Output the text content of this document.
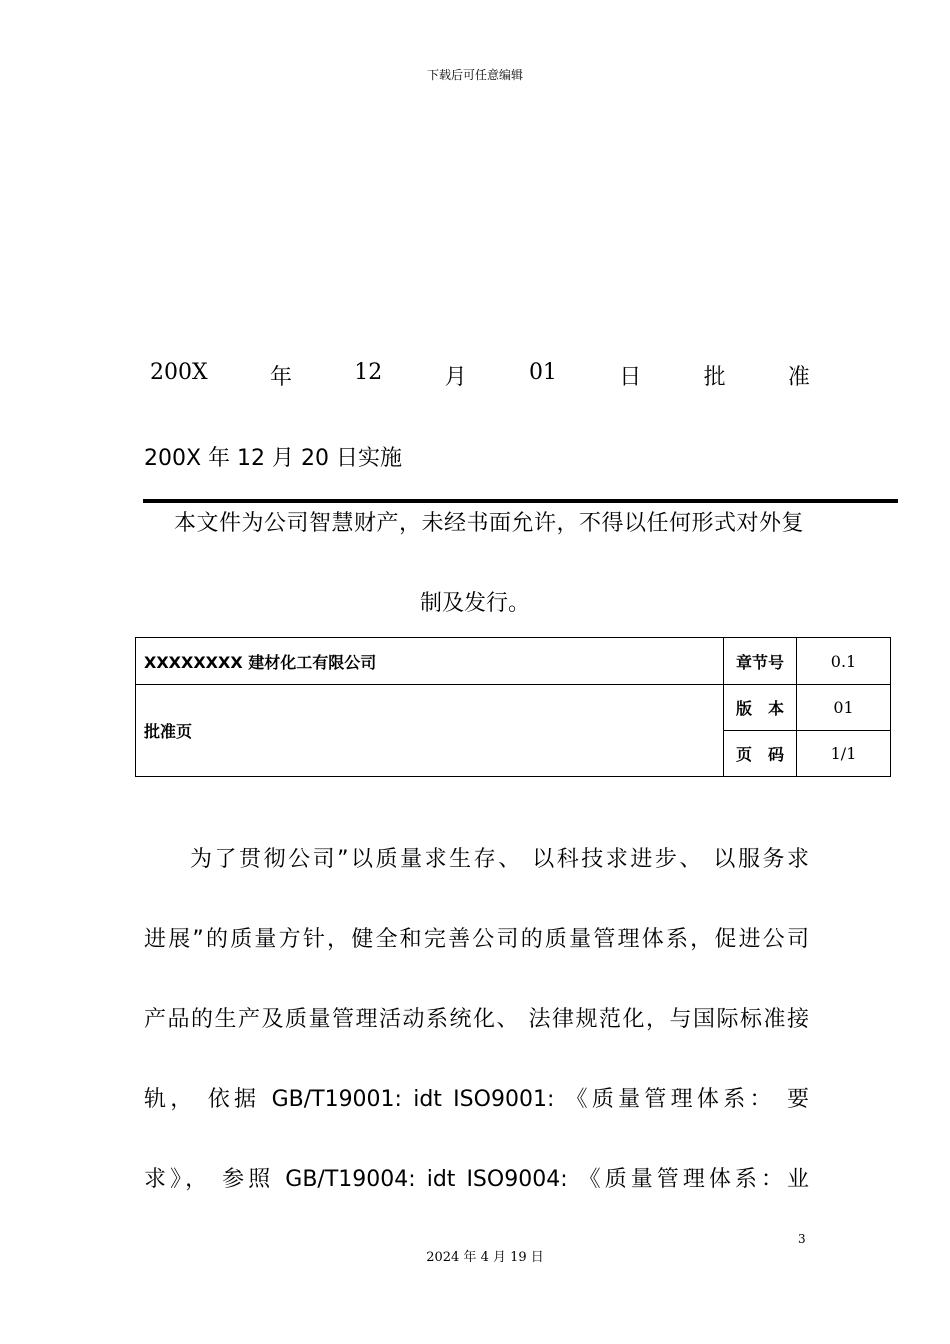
下载后可任意编辑
200X	年	12	月	01	日	批	准
200X 年 12 月 20 日实施
本文件为公司智慧财产，未经书面允许，不得以任何形式对外复
制及发行。
XXXXXXXX 建材化工有限公司	章节号	0.1
批准页	版　本	01
	页　码	1/1
为了贯彻公司”以质量求生存、 以科技求进步、 以服务求
进展”的质量方针，健全和完善公司的质量管理体系，促进公司
产品的生产及质量管理活动系统化、 法律规范化，与国际标准接
轨， 依据 GB/T19001: idt ISO9001: 《质量管理体系： 要
求》， 参照 GB/T19004: idt ISO9004: 《质量管理体系：业
3
2024 年 4 月 19 日
